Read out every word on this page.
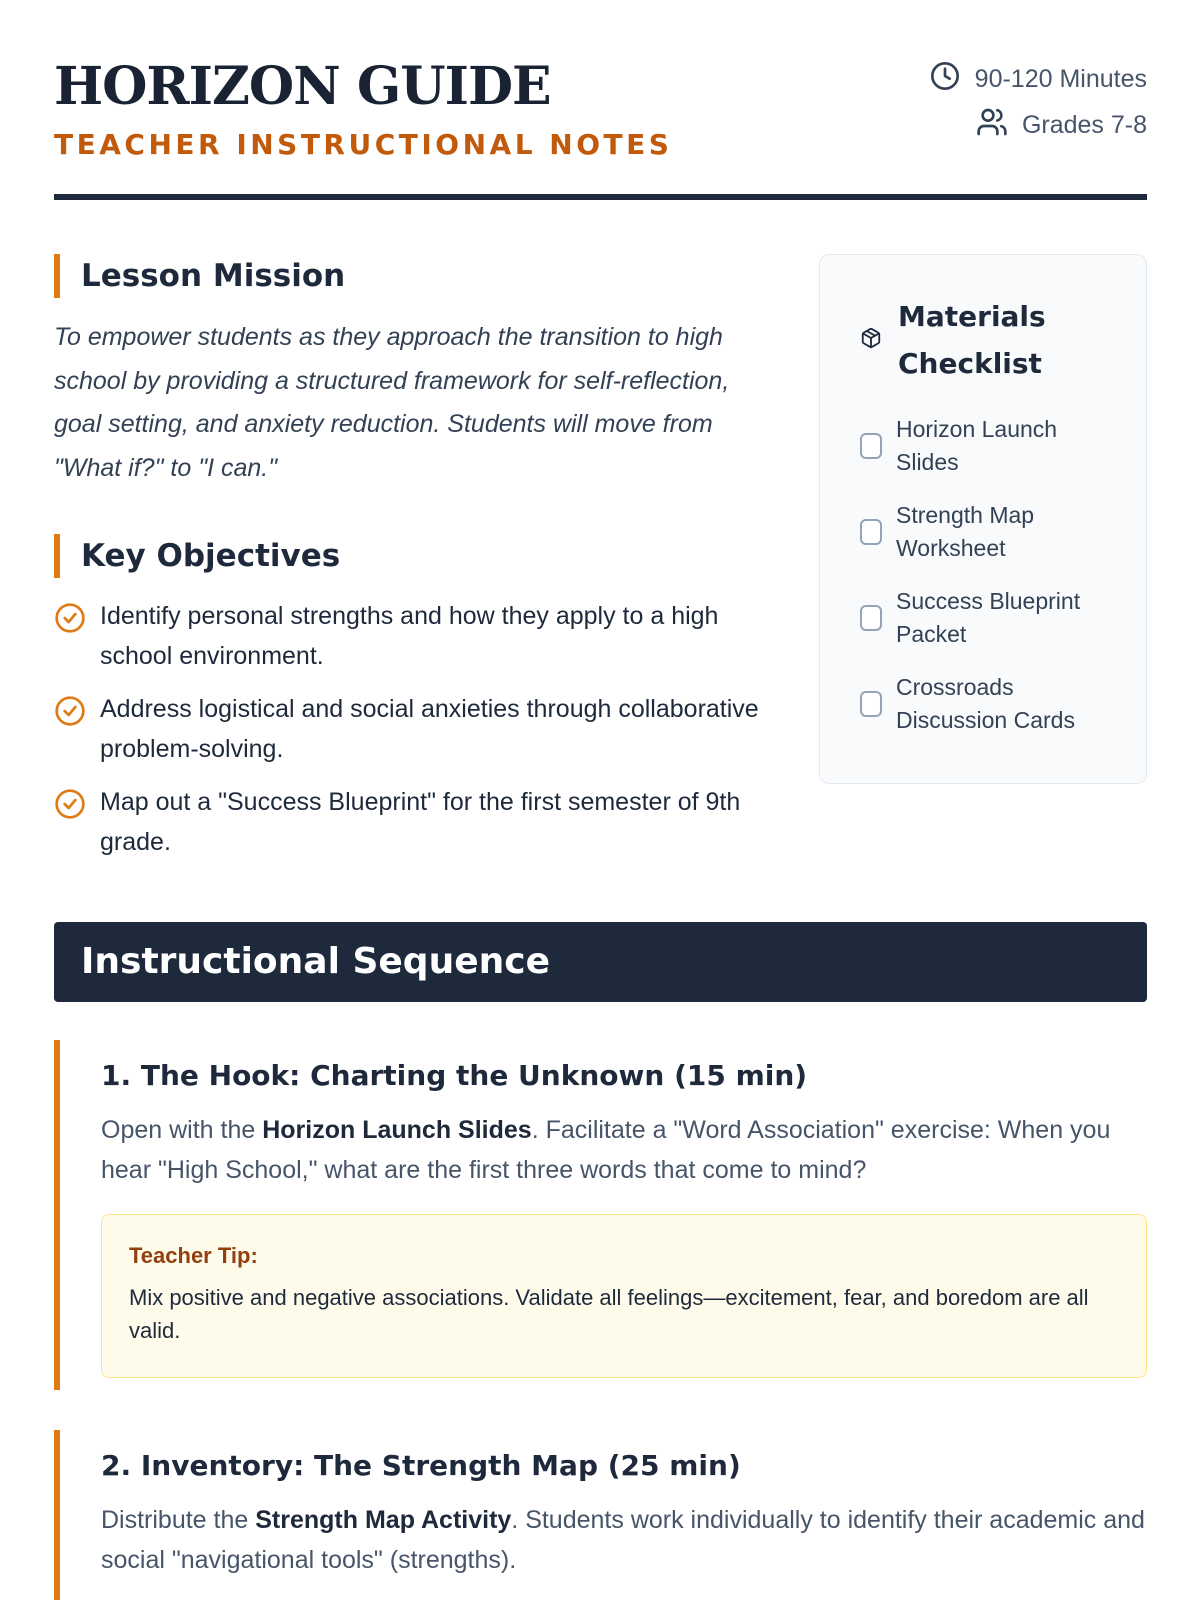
HORIZON GUIDE
TEACHER INSTRUCTIONAL NOTES
90-120 Minutes
Grades 7-8
Lesson Mission

To empower students as they approach the transition to high school by providing a structured framework for self-reflection, goal setting, and anxiety reduction. Students will move from "What if?" to "I can."

Key Objectives
Identify personal strengths and how they apply to a high school environment.
Address logistical and social anxieties through collaborative problem-solving.
Map out a "Success Blueprint" for the first semester of 9th grade.
Materials Checklist
Horizon Launch Slides
Strength Map Worksheet
Success Blueprint Packet
Crossroads Discussion Cards
Instructional Sequence
1. The Hook: Charting the Unknown (15 min)

Open with the Horizon Launch Slides. Facilitate a "Word Association" exercise: When you hear "High School," what are the first three words that come to mind?

Teacher Tip:
Mix positive and negative associations. Validate all feelings—excitement, fear, and boredom are all valid.
2. Inventory: The Strength Map (25 min)

Distribute the Strength Map Activity. Students work individually to identify their academic and social "navigational tools" (strengths).
